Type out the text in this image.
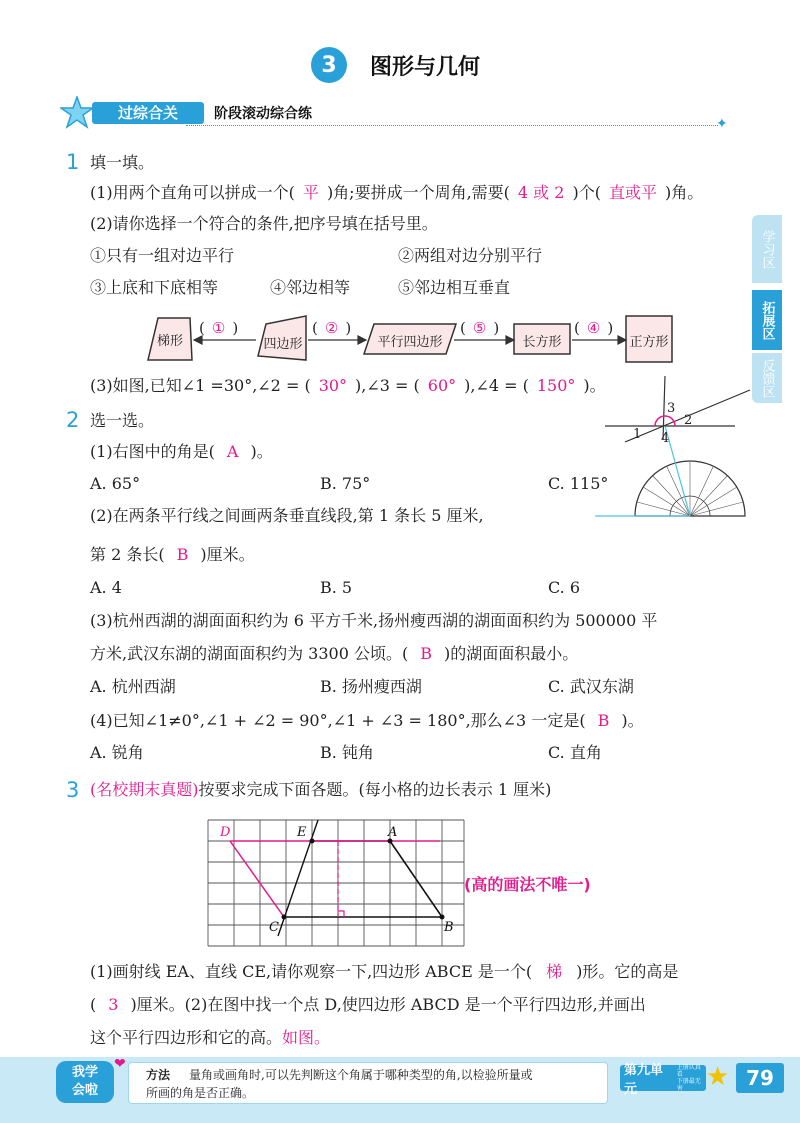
3 图形与几何
过综合关	阶段滚动综合练
✦
学习区
拓展区
反馈区
1 填一填。
(1)用两个直角可以拼成一个( 平 )角;要拼成一个周角,需要( 4 或 2 )个( 直或平 )角。
(2)请你选择一个符合的条件,把序号填在括号里。
①只有一组对边平行	②两组对边分别平行
③上底和下底相等	④邻边相等	⑤邻边相互垂直
梯形	四边形	平行四边形	长方形	正方形
( ① )	( ② )	( ⑤ )	( ④ )
(3)如图,已知∠1 =30°,∠2 = ( 30° ),∠3 = ( 60° ),∠4 = ( 150° )。
3
2
1 4
2 选一选。
(1)右图中的角是( A )。
A. 65°	B. 75°	C. 115°
(2)在两条平行线之间画两条垂直线段,第 1 条长 5 厘米,
第 2 条长( B )厘米。
A. 4	B. 5	C. 6
(3)杭州西湖的湖面面积约为 6 平方千米,扬州瘦西湖的湖面面积约为 500000 平
方米,武汉东湖的湖面面积约为 3300 公顷。( B )的湖面面积最小。
A. 杭州西湖	B. 扬州瘦西湖	C. 武汉东湖
(4)已知∠1≠0°,∠1 + ∠2 = 90°,∠1 + ∠3 = 180°,那么∠3 一定是( B )。
A. 锐角	B. 钝角	C. 直角
3 (名校期末真题)按要求完成下面各题。(每小格的边长表示 1 厘米)
D	E	A
C	B
(高的画法不唯一)
(1)画射线 EA、直线 CE,请你观察一下,四边形 ABCE 是一个( 梯 )形。它的高是
( 3 )厘米。(2)在图中找一个点 D,使四边形 ABCD 是一个平行四边形,并画出
这个平行四边形和它的高。如图。
我学
会啦
❤
方法 量角或画角时,可以先判断这个角属于哪种类型的角,以检验所量或
所画的角是否正确。
第九单元
上册认真看
下册最无害 ★ 79
